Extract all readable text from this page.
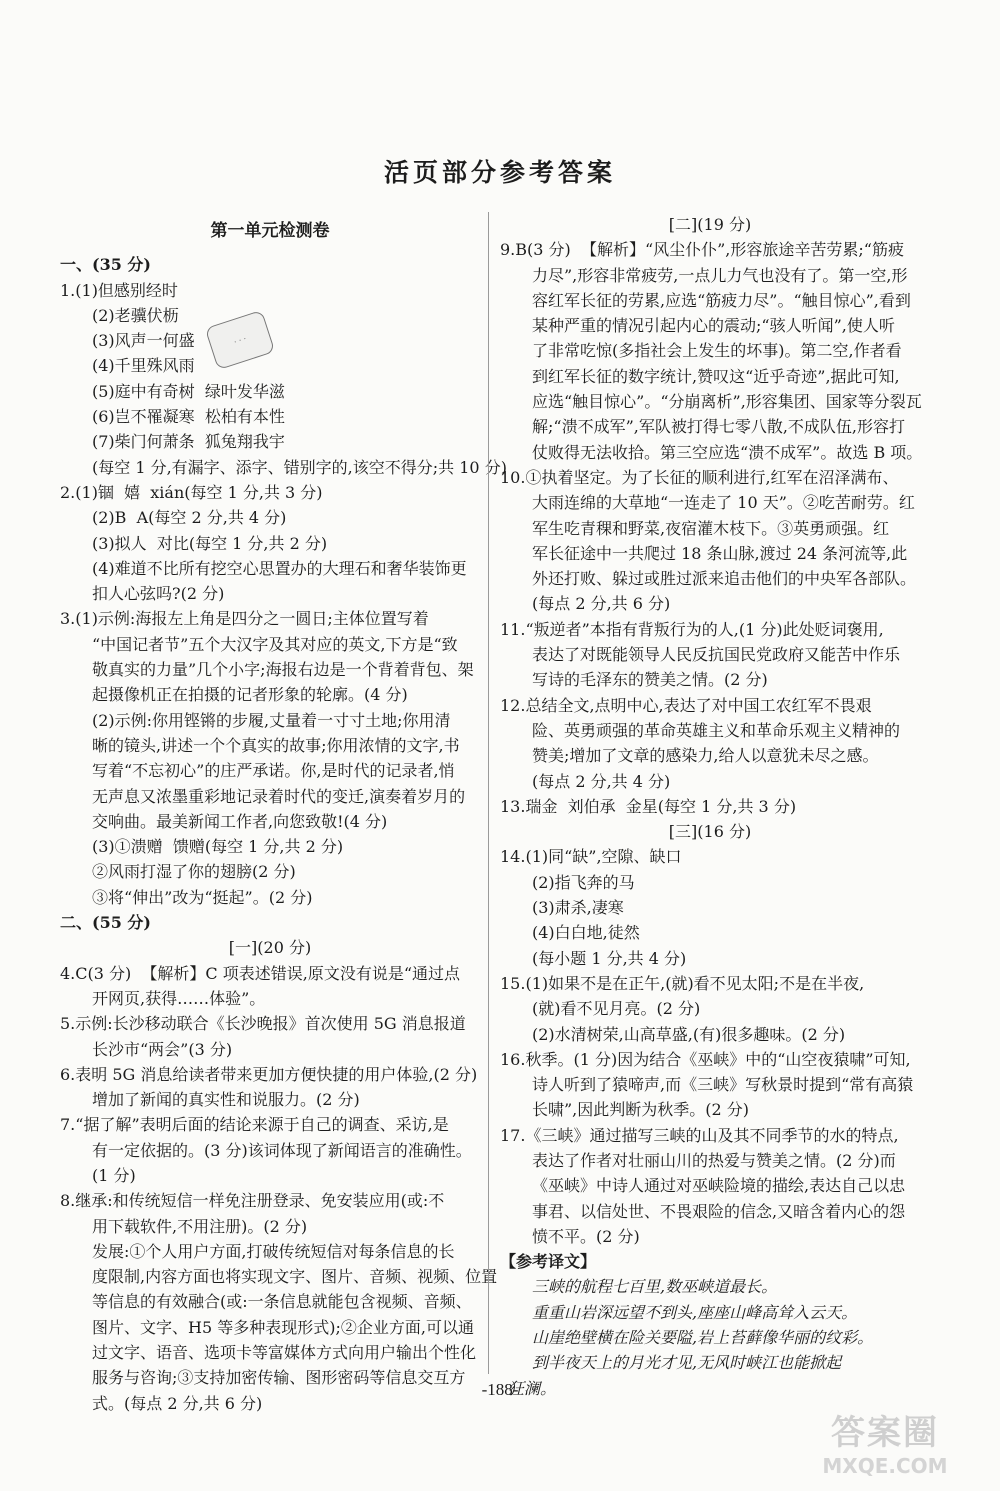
活页部分参考答案
第一单元检测卷
一、(35 分)
1.(1)但感别经时
(2)老骥伏枥
(3)风声一何盛
(4)千里殊风雨
(5)庭中有奇树  绿叶发华滋
(6)岂不罹凝寒  松柏有本性
(7)柴门何萧条  狐兔翔我宇
(每空 1 分,有漏字、添字、错别字的,该空不得分;共 10 分)
2.(1)锢  嬉  xián(每空 1 分,共 3 分)
(2)B  A(每空 2 分,共 4 分)
(3)拟人  对比(每空 1 分,共 2 分)
(4)难道不比所有挖空心思置办的大理石和奢华装饰更
扣人心弦吗?(2 分)
3.(1)示例:海报左上角是四分之一圆日;主体位置写着
“中国记者节”五个大汉字及其对应的英文,下方是“致
敬真实的力量”几个小字;海报右边是一个背着背包、架
起摄像机正在拍摄的记者形象的轮廓。(4 分)
(2)示例:你用铿锵的步履,丈量着一寸寸土地;你用清
晰的镜头,讲述一个个真实的故事;你用浓情的文字,书
写着“不忘初心”的庄严承诺。你,是时代的记录者,悄
无声息又浓墨重彩地记录着时代的变迁,演奏着岁月的
交响曲。最美新闻工作者,向您致敬!(4 分)
(3)①溃赠  馈赠(每空 1 分,共 2 分)
②风雨打湿了你的翅膀(2 分)
③将“伸出”改为“挺起”。(2 分)
二、(55 分)
[一](20 分)
4.C(3 分)  【解析】C 项表述错误,原文没有说是“通过点
开网页,获得……体验”。
5.示例:长沙移动联合《长沙晚报》首次使用 5G 消息报道
长沙市“两会”(3 分)
6.表明 5G 消息给读者带来更加方便快捷的用户体验,(2 分)
增加了新闻的真实性和说服力。(2 分)
7.“据了解”表明后面的结论来源于自己的调查、采访,是
有一定依据的。(3 分)该词体现了新闻语言的准确性。
(1 分)
8.继承:和传统短信一样免注册登录、免安装应用(或:不
用下载软件,不用注册)。(2 分)
发展:①个人用户方面,打破传统短信对每条信息的长
度限制,内容方面也将实现文字、图片、音频、视频、位置
等信息的有效融合(或:一条信息就能包含视频、音频、
图片、文字、H5 等多种表现形式);②企业方面,可以通
过文字、语音、选项卡等富媒体方式向用户输出个性化
服务与咨询;③支持加密传输、图形密码等信息交互方
式。(每点 2 分,共 6 分)
[二](19 分)
9.B(3 分)  【解析】“风尘仆仆”,形容旅途辛苦劳累;“筋疲
力尽”,形容非常疲劳,一点儿力气也没有了。第一空,形
容红军长征的劳累,应选“筋疲力尽”。“触目惊心”,看到
某种严重的情况引起内心的震动;“骇人听闻”,使人听
了非常吃惊(多指社会上发生的坏事)。第二空,作者看
到红军长征的数字统计,赞叹这“近乎奇迹”,据此可知,
应选“触目惊心”。“分崩离析”,形容集团、国家等分裂瓦
解;“溃不成军”,军队被打得七零八散,不成队伍,形容打
仗败得无法收拾。第三空应选“溃不成军”。故选 B 项。
10.①执着坚定。为了长征的顺利进行,红军在沼泽满布、
大雨连绵的大草地“一连走了 10 天”。②吃苦耐劳。红
军生吃青稞和野菜,夜宿灌木枝下。③英勇顽强。红
军长征途中一共爬过 18 条山脉,渡过 24 条河流等,此
外还打败、躲过或胜过派来追击他们的中央军各部队。
(每点 2 分,共 6 分)
11.“叛逆者”本指有背叛行为的人,(1 分)此处贬词褒用,
表达了对既能领导人民反抗国民党政府又能苦中作乐
写诗的毛泽东的赞美之情。(2 分)
12.总结全文,点明中心,表达了对中国工农红军不畏艰
险、英勇顽强的革命英雄主义和革命乐观主义精神的
赞美;增加了文章的感染力,给人以意犹未尽之感。
(每点 2 分,共 4 分)
13.瑞金  刘伯承  金星(每空 1 分,共 3 分)
[三](16 分)
14.(1)同“缺”,空隙、缺口
(2)指飞奔的马
(3)肃杀,凄寒
(4)白白地,徒然
(每小题 1 分,共 4 分)
15.(1)如果不是在正午,(就)看不见太阳;不是在半夜,
(就)看不见月亮。(2 分)
(2)水清树荣,山高草盛,(有)很多趣味。(2 分)
16.秋季。(1 分)因为结合《巫峡》中的“山空夜猿啸”可知,
诗人听到了猿啼声,而《三峡》写秋景时提到“常有高猿
长啸”,因此判断为秋季。(2 分)
17.《三峡》通过描写三峡的山及其不同季节的水的特点,
表达了作者对壮丽山川的热爱与赞美之情。(2 分)而
《巫峡》中诗人通过对巫峡险境的描绘,表达自己以忠
事君、以信处世、不畏艰险的信念,又暗含着内心的怨
愤不平。(2 分)
【参考译文】
三峡的航程七百里,数巫峡道最长。
重重山岩深远望不到头,座座山峰高耸入云天。
山崖绝壁横在险关要隘,岩上苔藓像华丽的纹彩。
到半夜天上的月光才见,无风时峡江也能掀起
狂澜。
· · ·
-188-
答案圈
MXQE.COM
